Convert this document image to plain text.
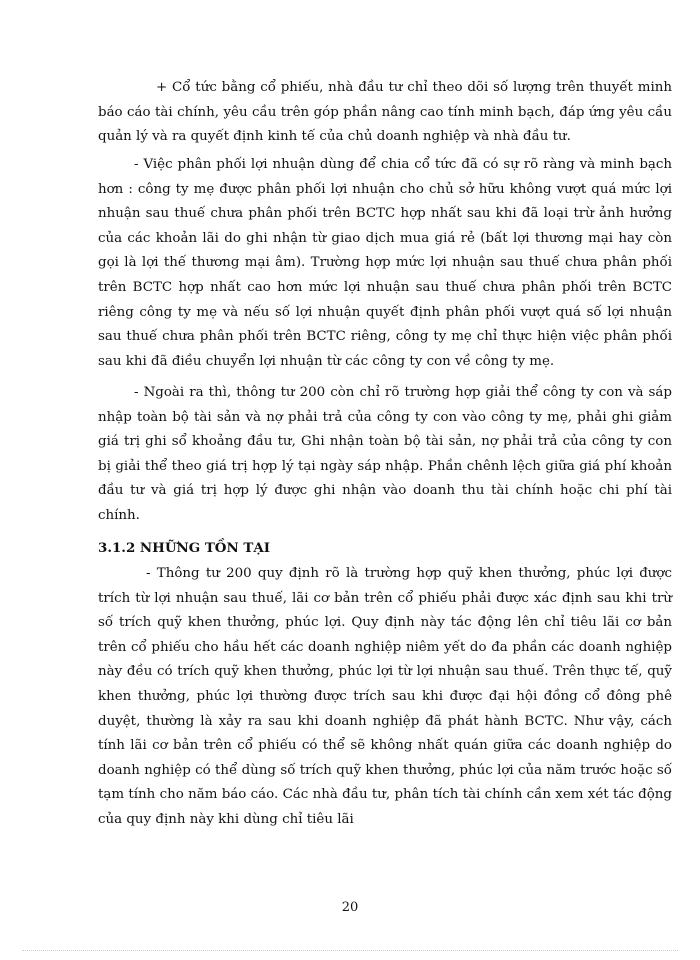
+ Cổ tức bằng cổ phiếu, nhà đầu tư chỉ theo dõi số lượng trên thuyết minh báo cáo tài chính, yêu cầu trên góp phần nâng cao tính minh bạch, đáp ứng yêu cầu quản lý và ra quyết định kinh tế của chủ doanh nghiệp và nhà đầu tư.

- Việc phân phối lợi nhuận dùng để chia cổ tức đã có sự rõ ràng và minh bạch hơn : công ty mẹ được phân phối lợi nhuận cho chủ sở hữu không vượt quá mức lợi nhuận sau thuế chưa phân phối trên BCTC hợp nhất sau khi đã loại trừ ảnh hưởng của các khoản lãi do ghi nhận từ giao dịch mua giá rẻ (bất lợi thương mại hay còn gọi là lợi thế thương mại âm). Trường hợp mức lợi nhuận sau thuế chưa phân phối trên BCTC hợp nhất cao hơn mức lợi nhuận sau thuế chưa phân phối trên BCTC riêng công ty mẹ và nếu số lợi nhuận quyết định phân phối vượt quá số lợi nhuận sau thuế chưa phân phối trên BCTC riêng, công ty mẹ chỉ thực hiện việc phân phối sau khi đã điều chuyển lợi nhuận từ các công ty con về công ty mẹ.

- Ngoài ra thì, thông tư 200 còn chỉ rõ trường hợp giải thể công ty con và sáp nhập toàn bộ tài sản và nợ phải trả của công ty con vào công ty mẹ, phải ghi giảm giá trị ghi sổ khoảng đầu tư, Ghi nhận toàn bộ tài sản, nợ phải trả của công ty con bị giải thể theo giá trị hợp lý tại ngày sáp nhập. Phần chênh lệch giữa giá phí khoản đầu tư và giá trị hợp lý được ghi nhận vào doanh thu tài chính hoặc chi phí tài chính.

3.1.2 NHỮNG TỒN TẠI

- Thông tư 200 quy định rõ là trường hợp quỹ khen thưởng, phúc lợi được trích từ lợi nhuận sau thuế, lãi cơ bản trên cổ phiếu phải được xác định sau khi trừ số trích quỹ khen thưởng, phúc lợi. Quy định này tác động lên chỉ tiêu lãi cơ bản trên cổ phiếu cho hầu hết các doanh nghiệp niêm yết do đa phần các doanh nghiệp này đều có trích quỹ khen thưởng, phúc lợi từ lợi nhuận sau thuế. Trên thực tế, quỹ khen thưởng, phúc lợi thường được trích sau khi được đại hội đồng cổ đông phê duyệt, thường là xảy ra sau khi doanh nghiệp đã phát hành BCTC. Như vậy, cách tính lãi cơ bản trên cổ phiếu có thể sẽ không nhất quán giữa các doanh nghiệp do doanh nghiệp có thể dùng số trích quỹ khen thưởng, phúc lợi của năm trước hoặc số tạm tính cho năm báo cáo. Các nhà đầu tư, phân tích tài chính cần xem xét tác động của quy định này khi dùng chỉ tiêu lãi

20
